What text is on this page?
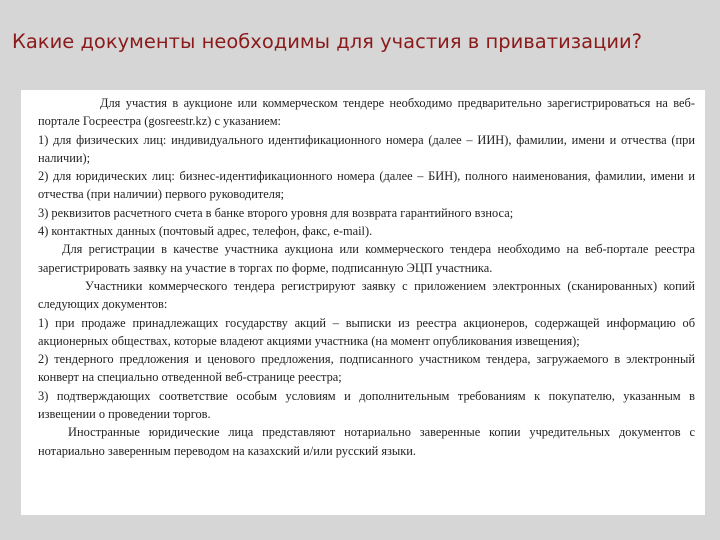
Какие документы необходимы для участия в приватизации?

Для участия в аукционе или коммерческом тендере необходимо предварительно зарегистрироваться на веб-портале Госреестра (gosreestr.kz) с указанием:

1) для физических лиц: индивидуального идентификационного номера (далее – ИИН), фамилии, имени и отчества (при наличии);

2) для юридических лиц: бизнес-идентификационного номера (далее – БИН), полного наименования, фамилии, имени и отчества (при наличии) первого руководителя;

3) реквизитов расчетного счета в банке второго уровня для возврата гарантийного взноса;

4) контактных данных (почтовый адрес, телефон, факс, e-mail).

Для регистрации в качестве участника аукциона или коммерческого тендера необходимо на веб-портале реестра зарегистрировать заявку на участие в торгах по форме, подписанную ЭЦП участника.

Участники коммерческого тендера регистрируют заявку с приложением электронных (сканированных) копий следующих документов:

1) при продаже принадлежащих государству акций – выписки из реестра акционеров, содержащей информацию об акционерных обществах, которые владеют акциями участника (на момент опубликования извещения);

2) тендерного предложения и ценового предложения, подписанного участником тендера, загружаемого в электронный конверт на специально отведенной веб-странице реестра;

3) подтверждающих соответствие особым условиям и дополнительным требованиям к покупателю, указанным в извещении о проведении торгов.

Иностранные юридические лица представляют нотариально заверенные копии учредительных документов с нотариально заверенным переводом на казахский и/или русский языки.
